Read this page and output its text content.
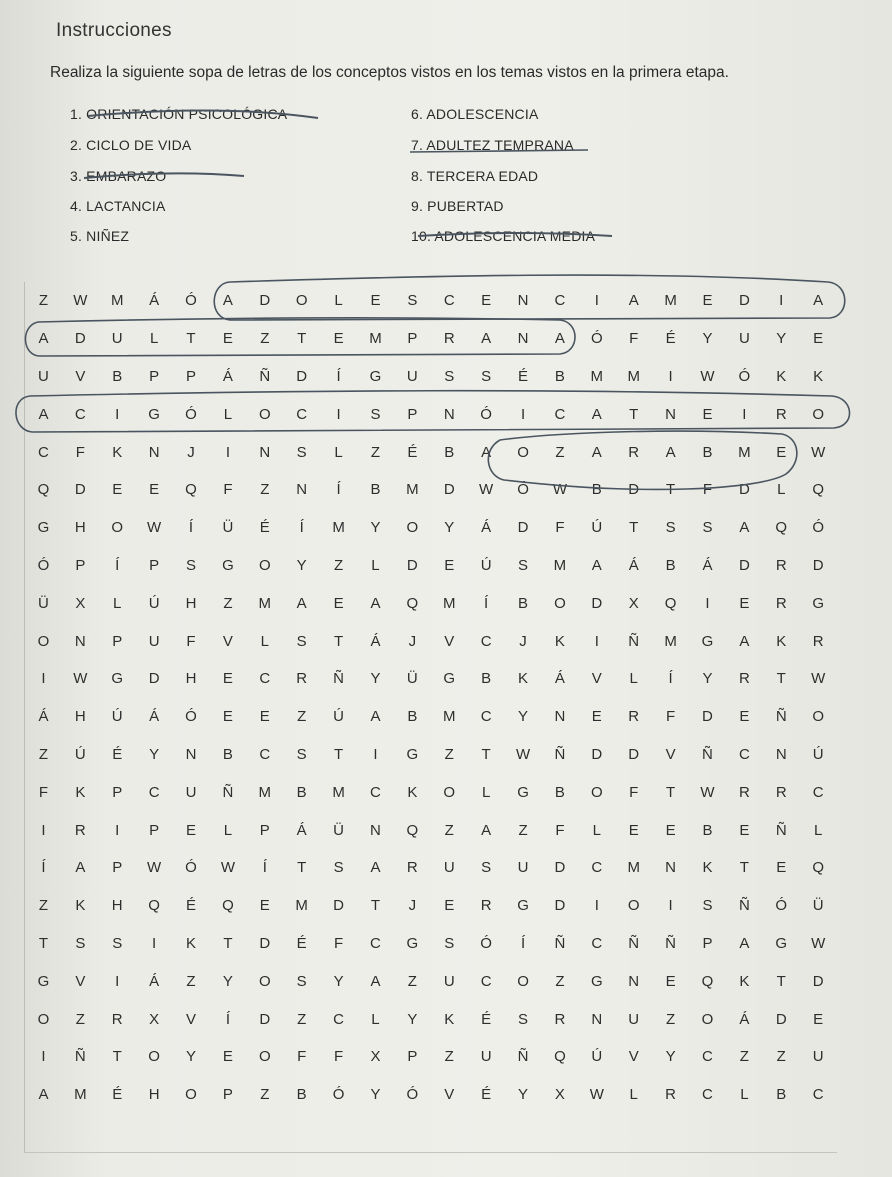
Instrucciones
Realiza la siguiente sopa de letras de los conceptos vistos en los temas vistos en la primera etapa.
1. ORIENTACIÓN PSICOLÓGICA
2. CICLO DE VIDA
3. EMBARAZO
4. LACTANCIA
5. NIÑEZ
6. ADOLESCENCIA
7. ADULTEZ TEMPRANA
8. TERCERA EDAD
9. PUBERTAD
10. ADOLESCENCIA MEDIA
Z	W	M	Á	Ó	A	D	O	L	E	S	C	E	N	C	I	A	M	E	D	I	A
A	D	U	L	T	E	Z	T	E	M	P	R	A	N	A	Ó	F	É	Y	U	Y	E
U	V	B	P	P	Á	Ñ	D	Í	G	U	S	S	É	B	M	M	I	W	Ó	K	K
A	C	I	G	Ó	L	O	C	I	S	P	N	Ó	I	C	A	T	N	E	I	R	O
C	F	K	N	J	I	N	S	L	Z	É	B	A	O	Z	A	R	A	B	M	E	W
Q	D	E	E	Q	F	Z	N	Í	B	M	D	W	Ó	W	B	D	T	F	D	L	Q
G	H	O	W	Í	Ü	É	Í	M	Y	O	Y	Á	D	F	Ú	T	S	S	A	Q	Ó
Ó	P	Í	P	S	G	O	Y	Z	L	D	E	Ú	S	M	A	Á	B	Á	D	R	D
Ü	X	L	Ú	H	Z	M	A	E	A	Q	M	Í	B	O	D	X	Q	I	E	R	G
O	N	P	U	F	V	L	S	T	Á	J	V	C	J	K	I	Ñ	M	G	A	K	R
I	W	G	D	H	E	C	R	Ñ	Y	Ü	G	B	K	Á	V	L	Í	Y	R	T	W
Á	H	Ú	Á	Ó	E	E	Z	Ú	A	B	M	C	Y	N	E	R	F	D	E	Ñ	O
Z	Ú	É	Y	N	B	C	S	T	I	G	Z	T	W	Ñ	D	D	V	Ñ	C	N	Ú
F	K	P	C	U	Ñ	M	B	M	C	K	O	L	G	B	O	F	T	W	R	R	C
I	R	I	P	E	L	P	Á	Ü	N	Q	Z	A	Z	F	L	E	E	B	E	Ñ	L
Í	A	P	W	Ó	W	Í	T	S	A	R	U	S	U	D	C	M	N	K	T	E	Q
Z	K	H	Q	É	Q	E	M	D	T	J	E	R	G	D	I	O	I	S	Ñ	Ó	Ü
T	S	S	I	K	T	D	É	F	C	G	S	Ó	Í	Ñ	C	Ñ	Ñ	P	A	G	W
G	V	I	Á	Z	Y	O	S	Y	A	Z	U	C	O	Z	G	N	E	Q	K	T	D
O	Z	R	X	V	Í	D	Z	C	L	Y	K	É	S	R	N	U	Z	O	Á	D	E
I	Ñ	T	O	Y	E	O	F	F	X	P	Z	U	Ñ	Q	Ú	V	Y	C	Z	Z	U
A	M	É	H	O	P	Z	B	Ó	Y	Ó	V	É	Y	X	W	L	R	C	L	B	C
